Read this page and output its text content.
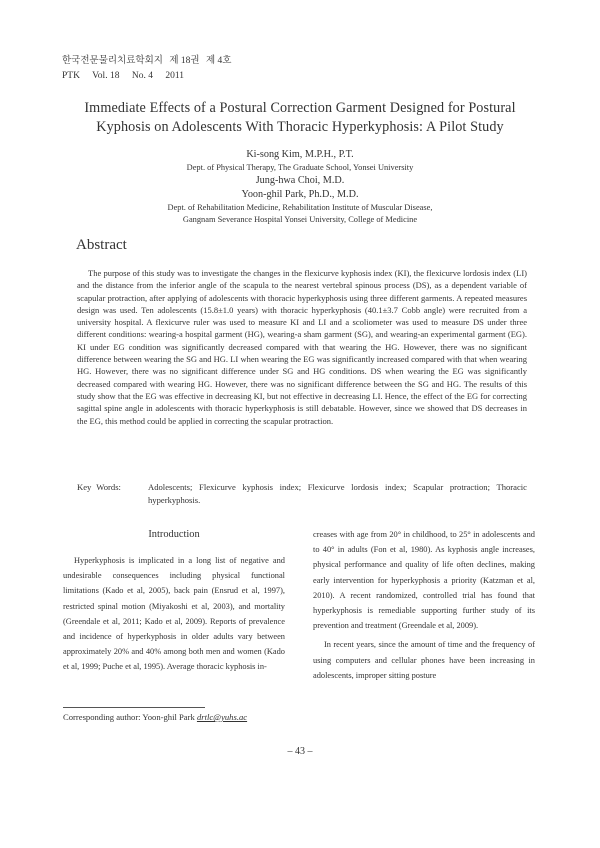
한국전문물리치료학회지 제 18권 제 4호
PTK Vol. 18 No. 4 2011
Immediate Effects of a Postural Correction Garment Designed for Postural
Kyphosis on Adolescents With Thoracic Hyperkyphosis: A Pilot Study
Ki-song Kim, M.P.H., P.T.
Dept. of Physical Therapy, The Graduate School, Yonsei University
Jung-hwa Choi, M.D.
Yoon-ghil Park, Ph.D., M.D.
Dept. of Rehabilitation Medicine, Rehabilitation Institute of Muscular Disease,
Gangnam Severance Hospital Yonsei University, College of Medicine
Abstract
The purpose of this study was to investigate the changes in the flexicurve kyphosis index (KI), the flexicurve lordosis index (LI) and the distance from the inferior angle of the scapula to the nearest vertebral spinous process (DS), as a dependent variable of scapular protraction, after applying of adolescents with thoracic hyperkyphosis using three different garments. A repeated measures design was used. Ten adolescents (15.8±1.0 years) with thoracic hyperkyphosis (40.1±3.7 Cobb angle) were recruited from a university hospital. A flexicurve ruler was used to measure KI and LI and a scoliometer was used to measure DS under three different conditions: wearing-a hospital garment (HG), wearing-a sham garment (SG), and wearing-an experimental garment (EG). KI under EG condition was significantly decreased compared with that wearing the HG. However, there was no significant difference between wearing the SG and HG. LI when wearing the EG was significantly increased compared with that when wearing HG. However, there was no significant difference under SG and HG conditions. DS when wearing the EG was significantly decreased compared with wearing HG. However, there was no significant difference between the SG and HG. The results of this study show that the EG was effective in decreasing KI, but not effective in decreasing LI. Hence, the effect of the EG for correcting sagittal spine angle in adolescents with thoracic hyperkyphosis is still debatable. However, since we showed that DS decreases in the EG, this method could be applied in correcting the scapular protraction.
Key Words:	Adolescents; Flexicurve kyphosis index; Flexicurve lordosis index; Scapular protraction; Thoracic hyperkyphosis.
Introduction

Hyperkyphosis is implicated in a long list of negative and undesirable consequences including physical functional limitations (Kado et al, 2005), back pain (Ensrud et al, 1997), restricted spinal motion (Miyakoshi et al, 2003), and mortality (Greendale et al, 2011; Kado et al, 2009). Reports of prevalence and incidence of hyperkyphosis in older adults vary between approximately 20% and 40% among both men and women (Kado et al, 1999; Puche et al, 1995). Average thoracic kyphosis in-

creases with age from 20° in childhood, to 25° in adolescents and to 40° in adults (Fon et al, 1980). As kyphosis angle increases, physical performance and quality of life often declines, making early intervention for hyperkyphosis a priority (Katzman et al, 2010). A recent randomized, controlled trial has found that hyperkyphosis is remediable supporting further study of its prevention and treatment (Greendale et al, 2009).

In recent years, since the amount of time and the frequency of using computers and cellular phones have been increasing in adolescents, improper sitting posture

Corresponding author: Yoon-ghil Park drtlc@yuhs.ac
– 43 –
